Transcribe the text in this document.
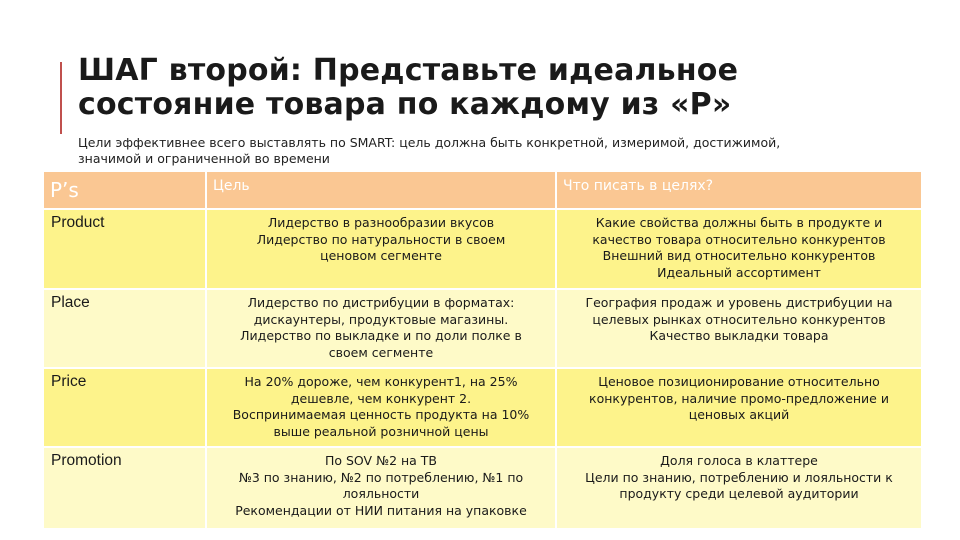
ШАГ второй: Представьте идеальное
состояние товара по каждому из «Р»

Цели эффективнее всего выставлять по SMART: цель должна быть конкретной, измеримой, достижимой,
значимой и ограниченной во времени

P’s	Цель	Что писать в целях?
Product	Лидерство в разнообразии вкусов
Лидерство по натуральности в своем
ценовом сегменте	Какие свойства должны быть в продукте и
качество товара относительно конкурентов
Внешний вид относительно конкурентов
Идеальный ассортимент

Place	Лидерство по дистрибуции в форматах:
дискаунтеры, продуктовые магазины.
Лидерство по выкладке и по доли полке в
своем сегменте	География продаж и уровень дистрибуции на
целевых рынках относительно конкурентов
Качество выкладки товара

Price	На 20% дороже, чем конкурент1, на 25%
дешевле, чем конкурент 2.
Воспринимаемая ценность продукта на 10%
выше реальной розничной цены	Ценовое позиционирование относительно
конкурентов, наличие промо-предложение и
ценовых акций

Promotion	По SOV №2 на ТВ
№3 по знанию, №2 по потреблению, №1 по
лояльности
Рекомендации от НИИ питания на упаковке	Доля голоса в клаттере
Цели по знанию, потреблению и лояльности к
продукту среди целевой аудитории
